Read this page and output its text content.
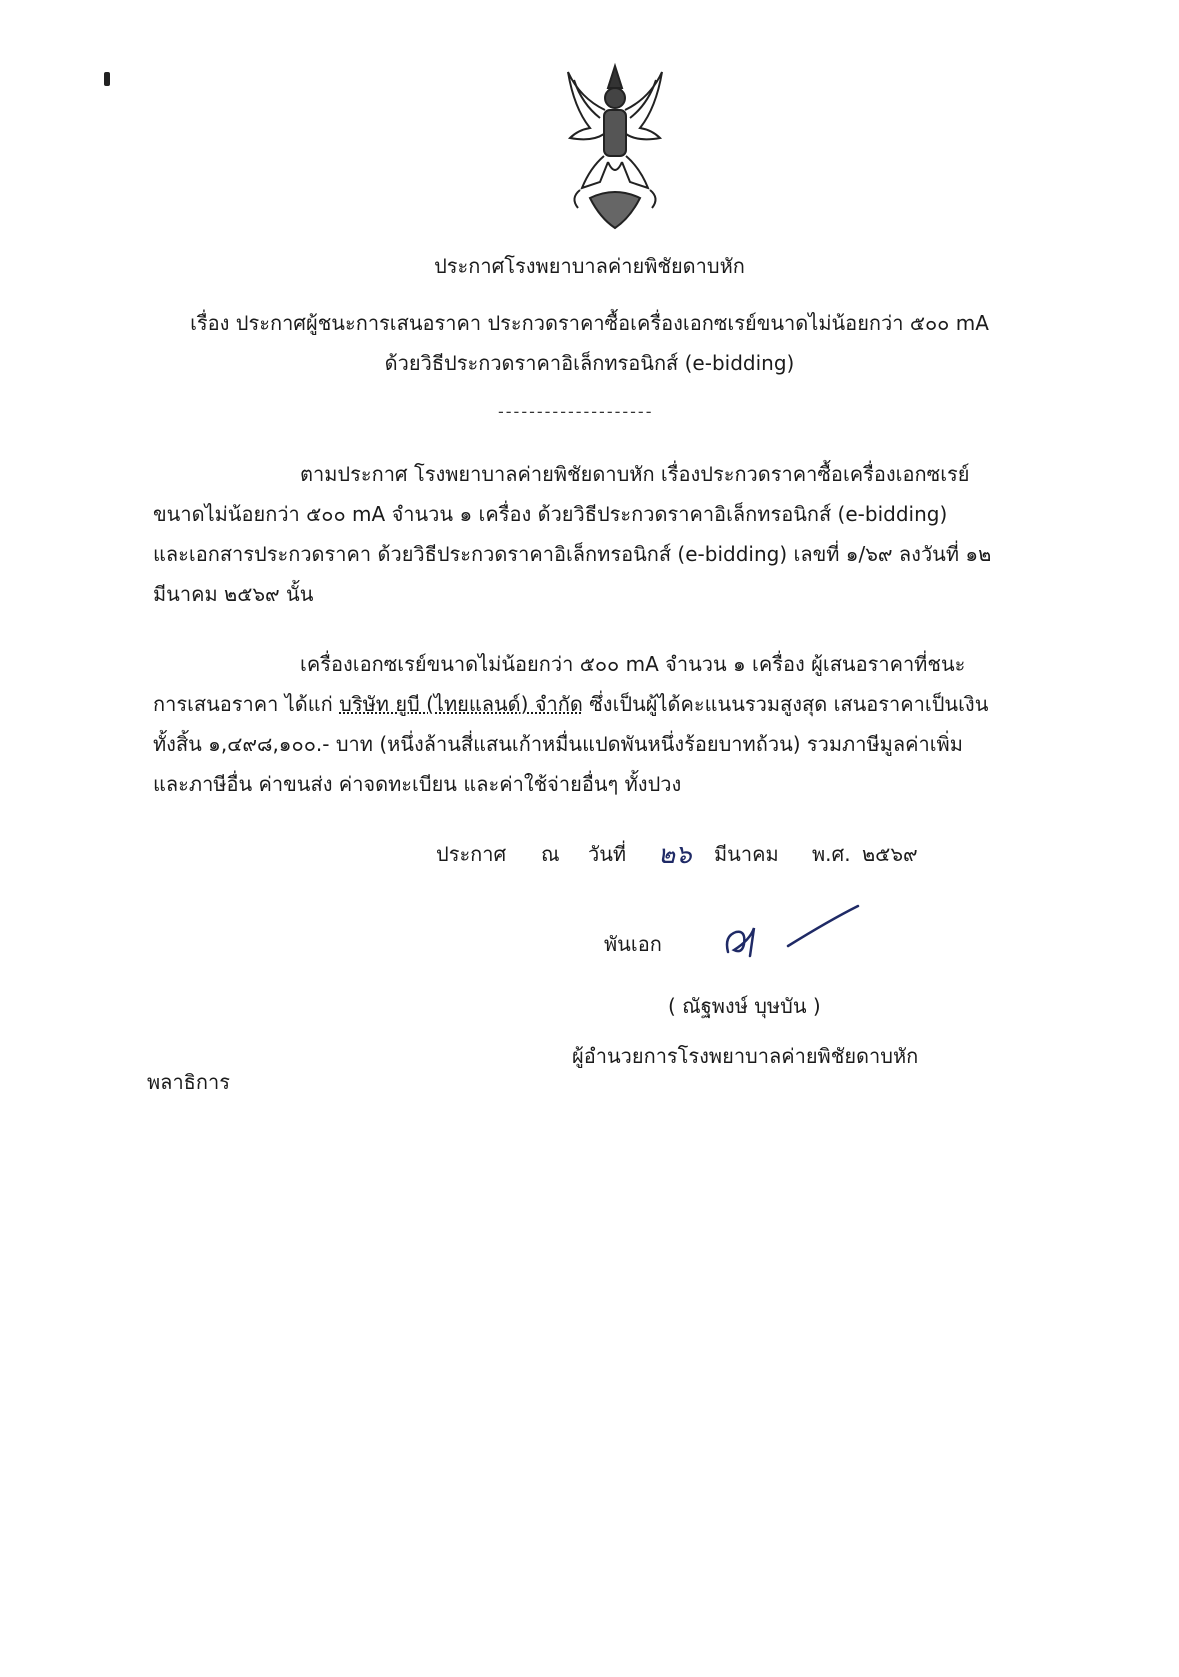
ประกาศโรงพยาบาลค่ายพิชัยดาบหัก
เรื่อง ประกาศผู้ชนะการเสนอราคา ประกวดราคาซื้อเครื่องเอกซเรย์ขนาดไม่น้อยกว่า ๕๐๐ mA
ด้วยวิธีประกวดราคาอิเล็กทรอนิกส์ (e-bidding)
--------------------
ตามประกาศ โรงพยาบาลค่ายพิชัยดาบหัก เรื่องประกวดราคาซื้อเครื่องเอกซเรย์
ขนาดไม่น้อยกว่า ๕๐๐ mA จำนวน ๑ เครื่อง ด้วยวิธีประกวดราคาอิเล็กทรอนิกส์ (e-bidding)
และเอกสารประกวดราคา ด้วยวิธีประกวดราคาอิเล็กทรอนิกส์ (e-bidding) เลขที่ ๑/๖๙ ลงวันที่ ๑๒
มีนาคม ๒๕๖๙ นั้น
เครื่องเอกซเรย์ขนาดไม่น้อยกว่า ๕๐๐ mA จำนวน ๑ เครื่อง ผู้เสนอราคาที่ชนะ
การเสนอราคา ได้แก่ บริษัท ยูบี (ไทยแลนด์) จำกัด ซึ่งเป็นผู้ได้คะแนนรวมสูงสุด เสนอราคาเป็นเงิน
ทั้งสิ้น ๑,๔๙๘,๑๐๐.- บาท (หนึ่งล้านสี่แสนเก้าหมื่นแปดพันหนึ่งร้อยบาทถ้วน) รวมภาษีมูลค่าเพิ่ม
และภาษีอื่น ค่าขนส่ง ค่าจดทะเบียน และค่าใช้จ่ายอื่นๆ ทั้งปวง
ประกาศ ณ วันที่ ๒๖ มีนาคม พ.ศ. ๒๕๖๙
พันเอก
( ณัฐพงษ์ บุษบัน )
ผู้อำนวยการโรงพยาบาลค่ายพิชัยดาบหัก
พลาธิการ
